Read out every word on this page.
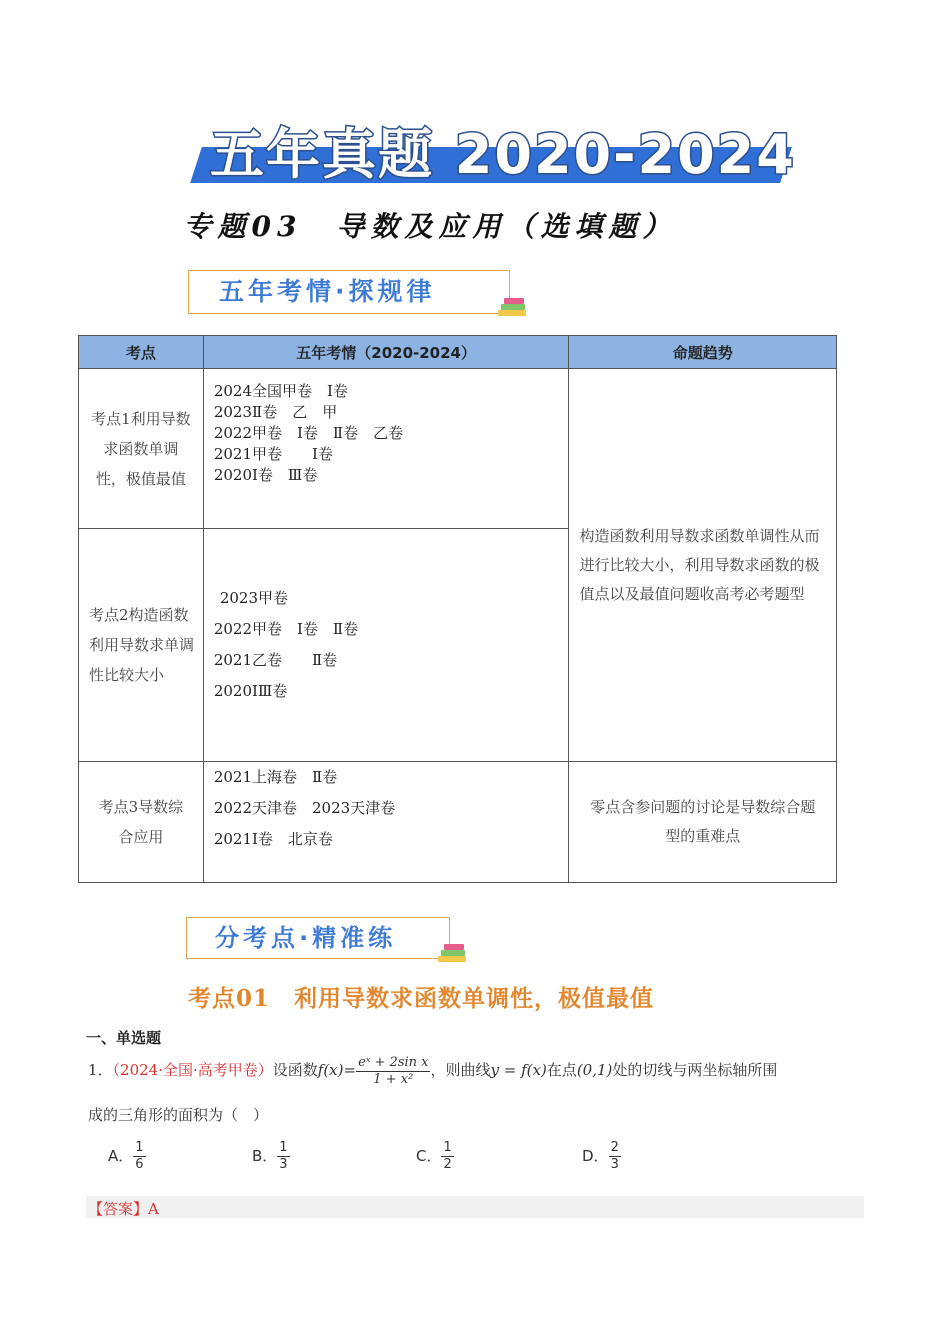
五年真题 2020-2024
专题03　导数及应用（选填题）
五年考情·探规律
考点	五年考情（2020-2024）	命题趋势
考点1利用导数求函数单调性，极值最值	2024全国甲卷　Ⅰ卷
2023Ⅱ卷　乙　甲
2022甲卷　Ⅰ卷　Ⅱ卷　乙卷
2021甲卷　　Ⅰ卷
2020Ⅰ卷　Ⅲ卷	构造函数利用导数求函数单调性从而进行比较大小，利用导数求函数的极值点以及最值问题收高考必考题型
考点2构造函数利用导数求单调性比较大小	2023甲卷
2022甲卷　Ⅰ卷　Ⅱ卷
2021乙卷　　Ⅱ卷
2020ⅠⅢ卷	

考点3导数综合应用	2021上海卷　Ⅱ卷
2022天津卷　2023天津卷
2021Ⅰ卷　北京卷	零点含参问题的讨论是导数综合题型的重难点
分考点·精准练
考点01　利用导数求函数单调性，极值最值
一、单选题
1．（2024·全国·高考甲卷）设函数$f(x)= \frac{\text{eˣ + 2sin x}}{\text{1 + x²}}$ ，则曲线y = f(x)在点(0,1)处的切线与两坐标轴所围
成的三角形的面积为（　）
A． $\frac{1}{6}$	B． $\frac{1}{3}$	C． $\frac{1}{2}$	D． $\frac{2}{3}$
【答案】A
